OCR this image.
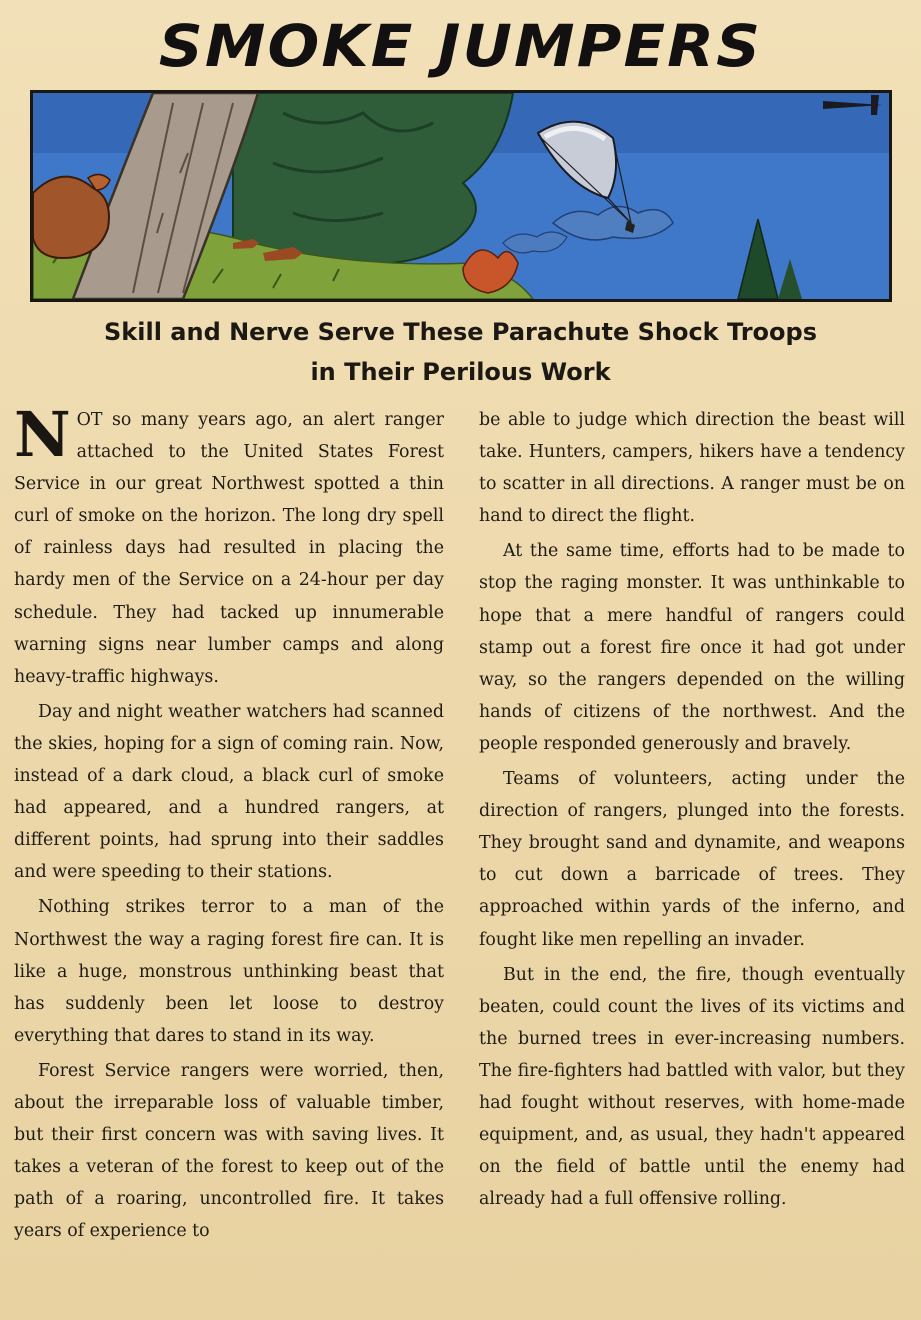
SMOKE JUMPERS
Skill and Nerve Serve These Parachute Shock Troops
in Their Perilous Work

NOT so many years ago, an alert ranger attached to the United States Forest Service in our great Northwest spotted a thin curl of smoke on the horizon. The long dry spell of rainless days had resulted in placing the hardy men of the Service on a 24-hour per day schedule. They had tacked up innumerable warning signs near lumber camps and along heavy-traffic highways.

Day and night weather watchers had scanned the skies, hoping for a sign of coming rain. Now, instead of a dark cloud, a black curl of smoke had appeared, and a hundred rangers, at different points, had sprung into their saddles and were speeding to their stations.

Nothing strikes terror to a man of the Northwest the way a raging forest fire can. It is like a huge, monstrous unthinking beast that has suddenly been let loose to destroy everything that dares to stand in its way.

Forest Service rangers were worried, then, about the irreparable loss of valuable timber, but their first concern was with saving lives. It takes a veteran of the forest to keep out of the path of a roaring, uncontrolled fire. It takes years of experience to

be able to judge which direction the beast will take. Hunters, campers, hikers have a tendency to scatter in all directions. A ranger must be on hand to direct the flight.

At the same time, efforts had to be made to stop the raging monster. It was unthinkable to hope that a mere handful of rangers could stamp out a forest fire once it had got under way, so the rangers depended on the willing hands of citizens of the northwest. And the people responded generously and bravely.

Teams of volunteers, acting under the direction of rangers, plunged into the forests. They brought sand and dynamite, and weapons to cut down a barricade of trees. They approached within yards of the inferno, and fought like men repelling an invader.

But in the end, the fire, though eventually beaten, could count the lives of its victims and the burned trees in ever-increasing numbers. The fire-fighters had battled with valor, but they had fought without reserves, with home-made equipment, and, as usual, they hadn't appeared on the field of battle until the enemy had already had a full offensive rolling.
